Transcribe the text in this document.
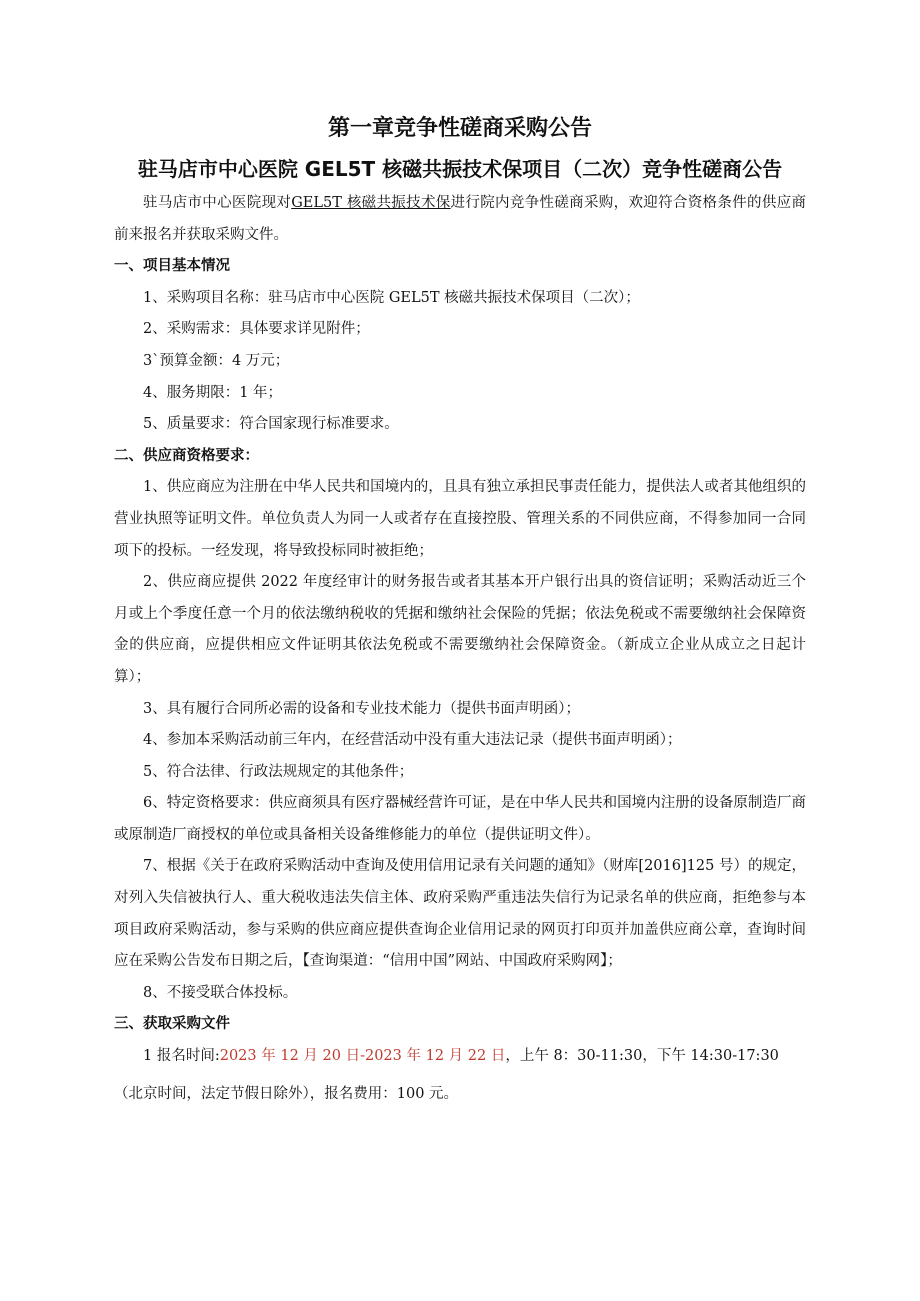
第一章竞争性磋商采购公告
驻马店市中心医院 GEL5T 核磁共振技术保项目（二次）竞争性磋商公告

驻马店市中心医院现对GEL5T 核磁共振技术保进行院内竞争性磋商采购，欢迎符合资格条件的供应商前来报名并获取采购文件。

一、项目基本情况

1、采购项目名称：驻马店市中心医院 GEL5T 核磁共振技术保项目（二次）；

2、采购需求：具体要求详见附件；

3`预算金额：4 万元；

4、服务期限：1 年；

5、质量要求：符合国家现行标准要求。

二、供应商资格要求：

1、供应商应为注册在中华人民共和国境内的，且具有独立承担民事责任能力，提供法人或者其他组织的营业执照等证明文件。单位负责人为同一人或者存在直接控股、管理关系的不同供应商，不得参加同一合同项下的投标。一经发现，将导致投标同时被拒绝；

2、供应商应提供 2022 年度经审计的财务报告或者其基本开户银行出具的资信证明；采购活动近三个月或上个季度任意一个月的依法缴纳税收的凭据和缴纳社会保险的凭据；依法免税或不需要缴纳社会保障资金的供应商，应提供相应文件证明其依法免税或不需要缴纳社会保障资金。（新成立企业从成立之日起计算）；

3、具有履行合同所必需的设备和专业技术能力（提供书面声明函）；

4、参加本采购活动前三年内，在经营活动中没有重大违法记录（提供书面声明函）；

5、符合法律、行政法规规定的其他条件；

6、特定资格要求：供应商须具有医疗器械经营许可证，是在中华人民共和国境内注册的设备原制造厂商或原制造厂商授权的单位或具备相关设备维修能力的单位（提供证明文件）。

7、根据《关于在政府采购活动中查询及使用信用记录有关问题的通知》（财库[2016]125 号）的规定，对列入失信被执行人、重大税收违法失信主体、政府采购严重违法失信行为记录名单的供应商，拒绝参与本项目政府采购活动，参与采购的供应商应提供查询企业信用记录的网页打印页并加盖供应商公章，查询时间应在采购公告发布日期之后，【查询渠道：“信用中国”网站、中国政府采购网】；

8、不接受联合体投标。

三、获取采购文件

1 报名时间:2023 年 12 月 20 日-2023 年 12 月 22 日，上午 8：30-11:30，下午 14:30-17:30

（北京时间，法定节假日除外），报名费用：100 元。
